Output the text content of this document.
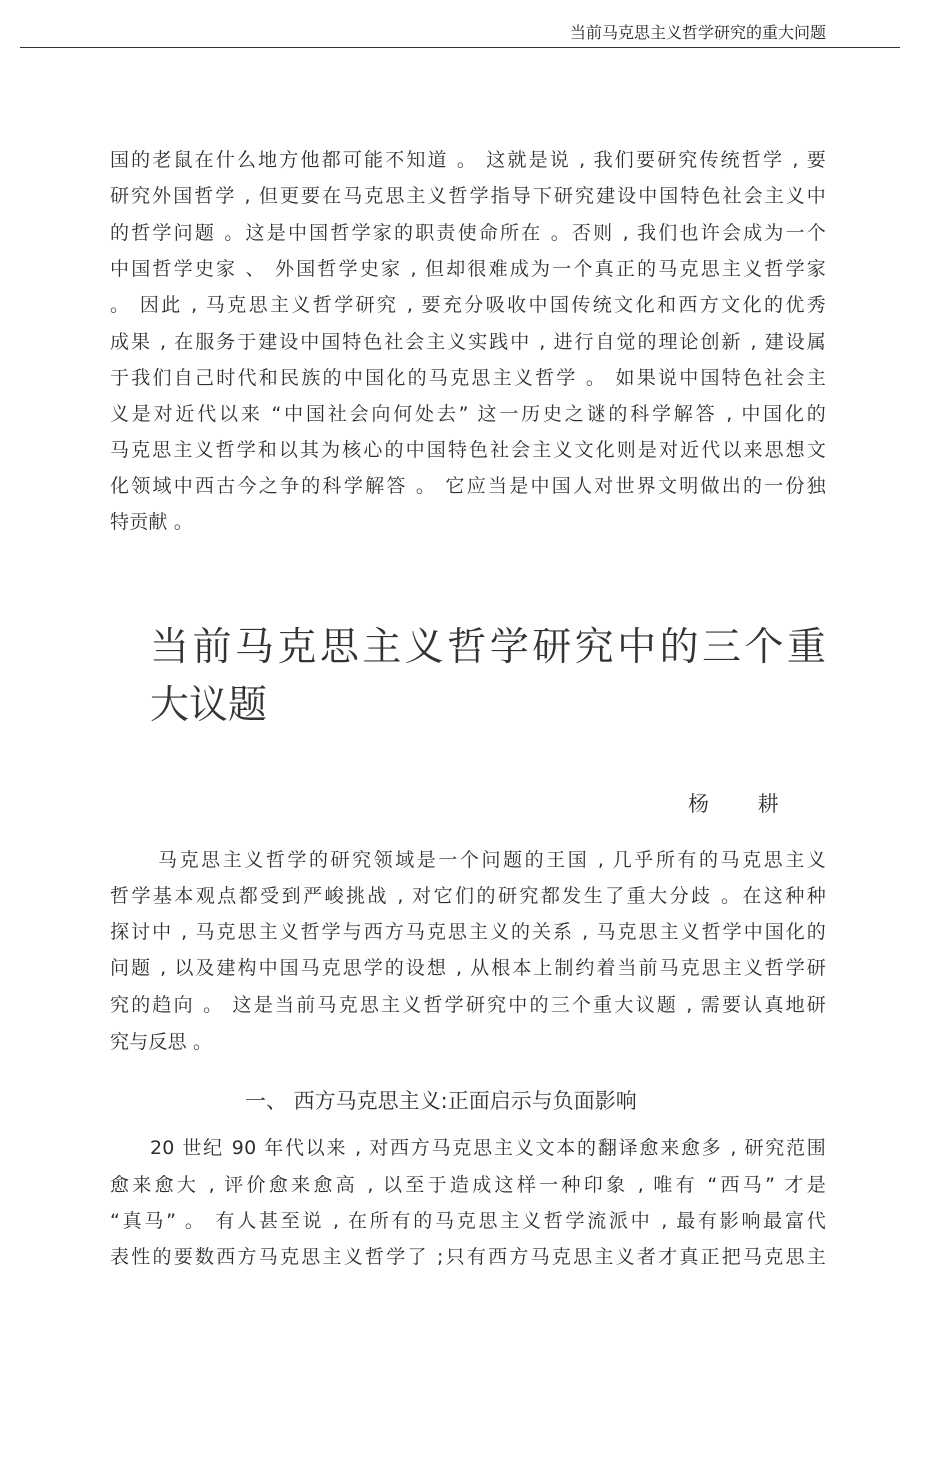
当前马克思主义哲学研究的重大问题
国的老鼠在什么地方他都可能不知道 。 这就是说 , 我们要研究传统哲学 , 要
研究外国哲学 , 但更要在马克思主义哲学指导下研究建设中国特色社会主义中
的哲学问题 。这是中国哲学家的职责使命所在 。否则 , 我们也许会成为一个
中国哲学史家 、 外国哲学史家 , 但却很难成为一个真正的马克思主义哲学家
。 因此 , 马克思主义哲学研究 , 要充分吸收中国传统文化和西方文化的优秀
成果 , 在服务于建设中国特色社会主义实践中 , 进行自觉的理论创新 , 建设属
于我们自己时代和民族的中国化的马克思主义哲学 。 如果说中国特色社会主
义是对近代以来 “中国社会向何处去” 这一历史之谜的科学解答 , 中国化的
马克思主义哲学和以其为核心的中国特色社会主义文化则是对近代以来思想文
化领域中西古今之争的科学解答 。 它应当是中国人对世界文明做出的一份独
特贡献 。
当前马克思主义哲学研究中的三个重
大议题
杨 耕
马克思主义哲学的研究领域是一个问题的王国 , 几乎所有的马克思主义
哲学基本观点都受到严峻挑战 , 对它们的研究都发生了重大分歧 。在这种种
探讨中 , 马克思主义哲学与西方马克思主义的关系 , 马克思主义哲学中国化的
问题 , 以及建构中国马克思学的设想 , 从根本上制约着当前马克思主义哲学研
究的趋向 。 这是当前马克思主义哲学研究中的三个重大议题 , 需要认真地研
究与反思 。
一、 西方马克思主义:正面启示与负面影响
20 世纪 90 年代以来 , 对西方马克思主义文本的翻译愈来愈多 , 研究范围
愈来愈大 , 评价愈来愈高 , 以至于造成这样一种印象 , 唯有 “西马” 才是
“真马” 。 有人甚至说 , 在所有的马克思主义哲学流派中 , 最有影响最富代
表性的要数西方马克思主义哲学了 ;只有西方马克思主义者才真正把马克思主
